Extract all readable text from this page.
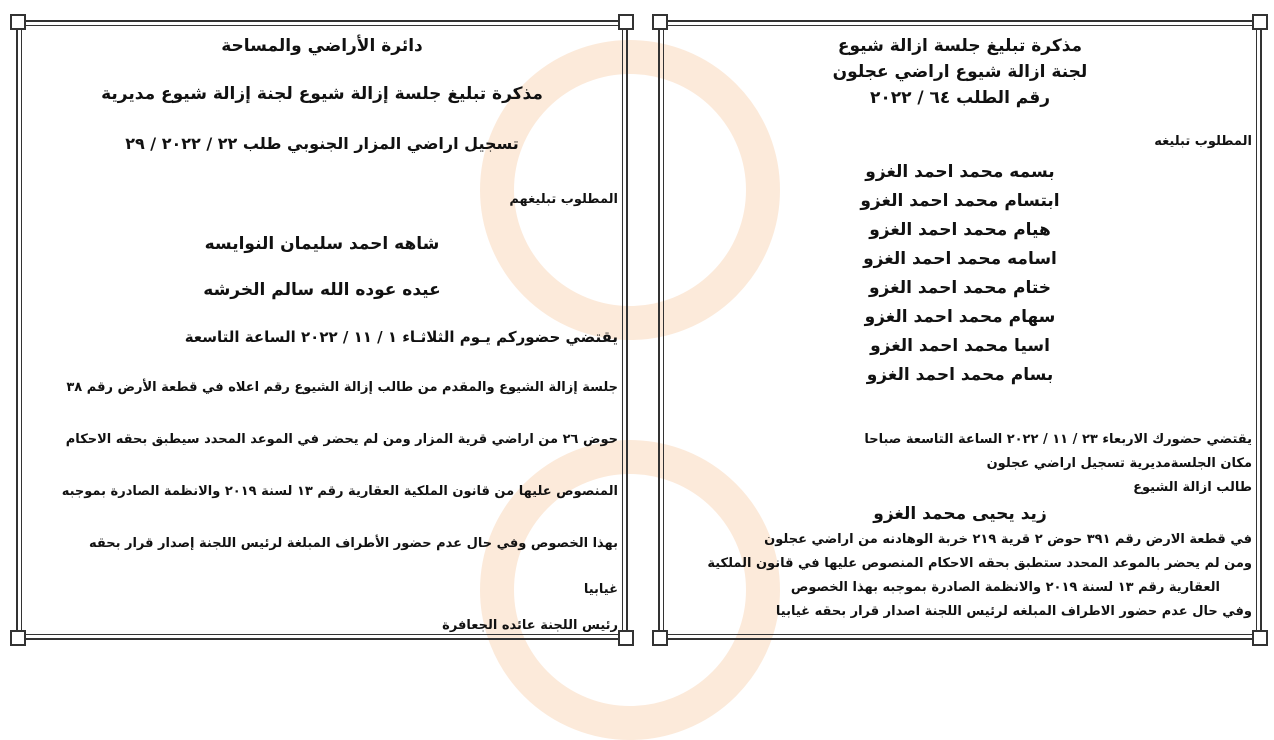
مذكرة تبليغ جلسة ازالة شيوع
لجنة ازالة شيوع اراضي عجلون
رقم الطلب ٦٤ / ٢٠٢٢
المطلوب تبليغه
بسمه محمد احمد الغزو
ابتسام محمد احمد الغزو
هيام محمد احمد الغزو
اسامه محمد احمد الغزو
ختام محمد احمد الغزو
سهام محمد احمد الغزو
اسيا محمد احمد الغزو
بسام محمد احمد الغزو
يقتضي حضورك الاربعاء ٢٣ / ١١ / ٢٠٢٢ الساعة التاسعة صباحا
مكان الجلسةمديرية تسجيل اراضي عجلون
طالب ازالة الشيوع
زيد يحيى محمد الغزو
في قطعة الارض رقم ٣٩١ حوض ٢ قرية ٢١٩ خربة الوهادنه من اراضي عجلون
ومن لم يحضر بالموعد المحدد ستطبق بحقه الاحكام المنصوص عليها في قانون الملكية
العقارية رقم ١٣ لسنة ٢٠١٩ والانظمة الصادرة بموجبه بهذا الخصوص
وفي حال عدم حضور الاطراف المبلغه لرئيس اللجنة اصدار قرار بحقه غيابيا
دائرة الأراضي والمساحة
مذكرة تبليغ جلسة إزالة شيوع لجنة إزالة شيوع مديرية
تسجيل اراضي المزار الجنوبي طلب ٢٢ / ٢٠٢٢ / ٢٩
المطلوب تبليغهم
شاهه احمد سليمان النوايسه
عيده عوده الله سالم الخرشه
يقتضي حضوركم يـوم الثلاثـاء ١ / ١١ / ٢٠٢٢ الساعة التاسعة
جلسة إزالة الشيوع والمقدم من طالب إزالة الشيوع رقم اعلاه في قطعة الأرض رقم ٣٨
حوض ٢٦ من اراضي قرية المزار ومن لم يحضر في الموعد المحدد سيطبق بحقه الاحكام
المنصوص عليها من قانون الملكية العقارية رقم ١٣ لسنة ٢٠١٩ والانظمة الصادرة بموجبه
بهذا الخصوص وفي حال عدم حضور الأطراف المبلغة لرئيس اللجنة إصدار قرار بحقه
غيابيا
رئيس اللجنة عائده الجعافرة
